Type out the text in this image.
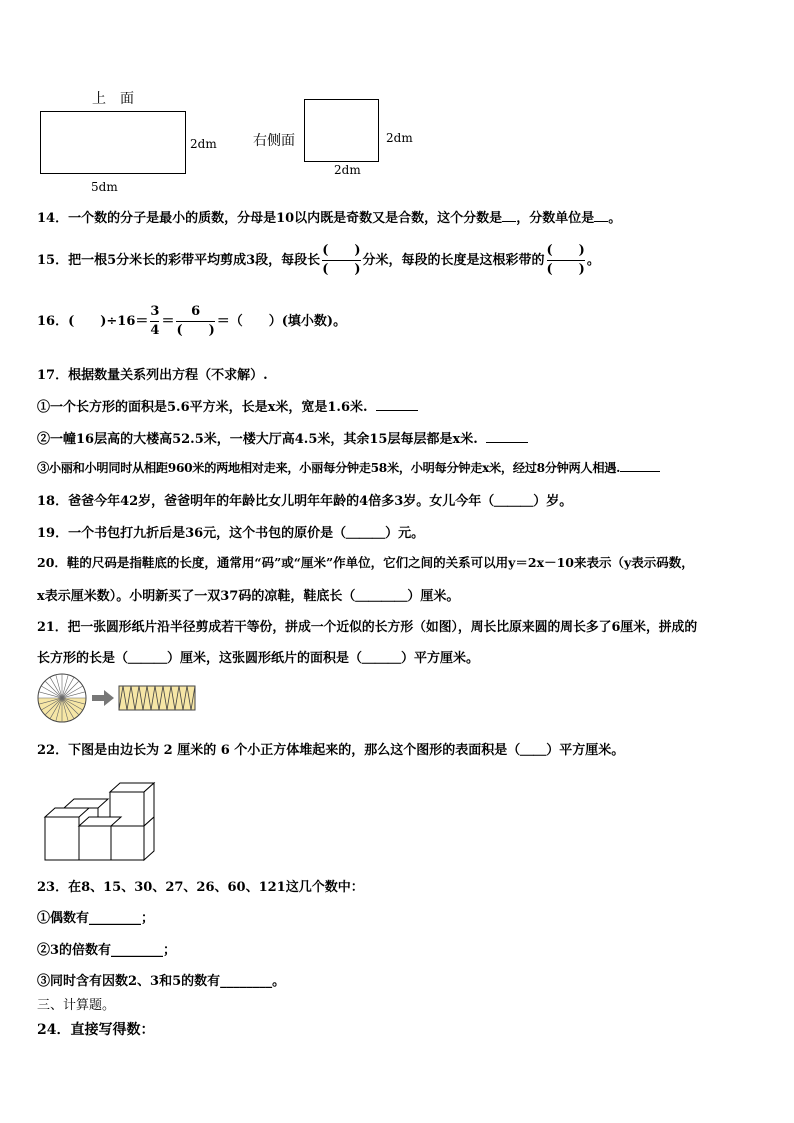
上　面
2dm
5dm
右侧面	2dm
2dm
14．一个数的分子是最小的质数，分母是10以内既是奇数又是合数，这个分数是 ，分数单位是 。
15．把一根5分米长的彩带平均剪成3段，每段长 $\frac{( )}{( )}$ 分米，每段的长度是这根彩带的 $\frac{( )}{( )}$ 。
16．(　　)$\div 16= \frac{3}{4} = \frac{6}{( )}$ ＝（　　）(填小数)。
17．根据数量关系列出方程（不求解）.
①一个长方形的面积是5.6平方米，长是x米，宽是1.6米.
②一幢16层高的大楼高52.5米，一楼大厅高4.5米，其余15层每层都是x米.
③小丽和小明同时从相距960米的两地相对走来，小丽每分钟走58米，小明每分钟走x米，经过8分钟两人相遇.
18．爸爸今年42岁，爸爸明年的年龄比女儿明年年龄的4倍多3岁。女儿今年（＿＿＿）岁。
19．一个书包打九折后是36元，这个书包的原价是（＿＿＿）元。
20．鞋的尺码是指鞋底的长度，通常用“码”或“厘米”作单位，它们之间的关系可以用y＝2x－10来表示（y表示码数，
x表示厘米数）。小明新买了一双37码的凉鞋，鞋底长（＿＿＿＿）厘米。
21．把一张圆形纸片沿半径剪成若干等份，拼成一个近似的长方形（如图），周长比原来圆的周长多了6厘米，拼成的
长方形的长是（＿＿＿）厘米，这张圆形纸片的面积是（＿＿＿）平方厘米。
22．下图是由边长为 2 厘米的 6 个小正方体堆起来的，那么这个图形的表面积是（＿＿）平方厘米。
23．在8、15、30、27、26、60、121这几个数中：
①偶数有________；
②3的倍数有________；
③同时含有因数2、3和5的数有________。
三、计算题。
24．直接写得数：
